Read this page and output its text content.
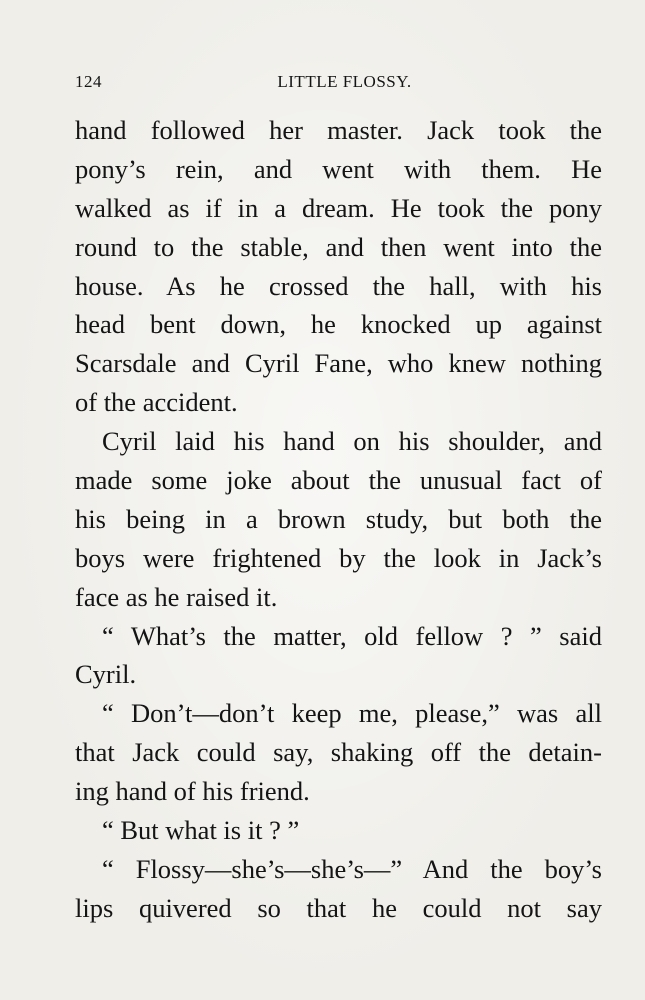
124	LITTLE FLOSSY.
hand followed her master. Jack took the
pony’s rein, and went with them. He
walked as if in a dream. He took the pony
round to the stable, and then went into the
house. As he crossed the hall, with his
head bent down, he knocked up against
Scarsdale and Cyril Fane, who knew nothing
of the accident.
Cyril laid his hand on his shoulder, and
made some joke about the unusual fact of
his being in a brown study, but both the
boys were frightened by the look in Jack’s
face as he raised it.
“ What’s the matter, old fellow ? ” said
Cyril.
“ Don’t—don’t keep me, please,” was all
that Jack could say, shaking off the detain-
ing hand of his friend.
“ But what is it ? ”
“ Flossy—she’s—she’s—” And the boy’s
lips quivered so that he could not say
